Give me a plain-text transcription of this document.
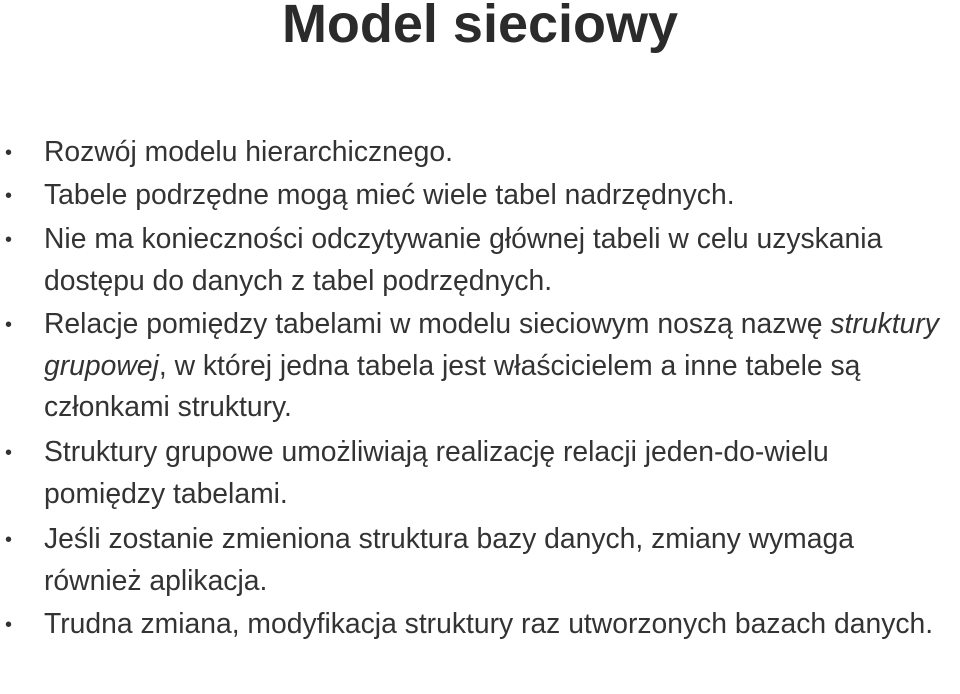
Model sieciowy
• Rozwój modelu hierarchicznego.
• Tabele podrzędne mogą mieć wiele tabel nadrzędnych.
• Nie ma konieczności odczytywanie głównej tabeli w celu uzyskania dostępu do danych z tabel podrzędnych.
• Relacje pomiędzy tabelami w modelu sieciowym noszą nazwę struktury grupowej, w której jedna tabela jest właścicielem a inne tabele są członkami struktury.
• Struktury grupowe umożliwiają realizację relacji jeden-do-wielu pomiędzy tabelami.
• Jeśli zostanie zmieniona struktura bazy danych, zmiany wymaga również aplikacja.
• Trudna zmiana, modyfikacja struktury raz utworzonych bazach danych.
